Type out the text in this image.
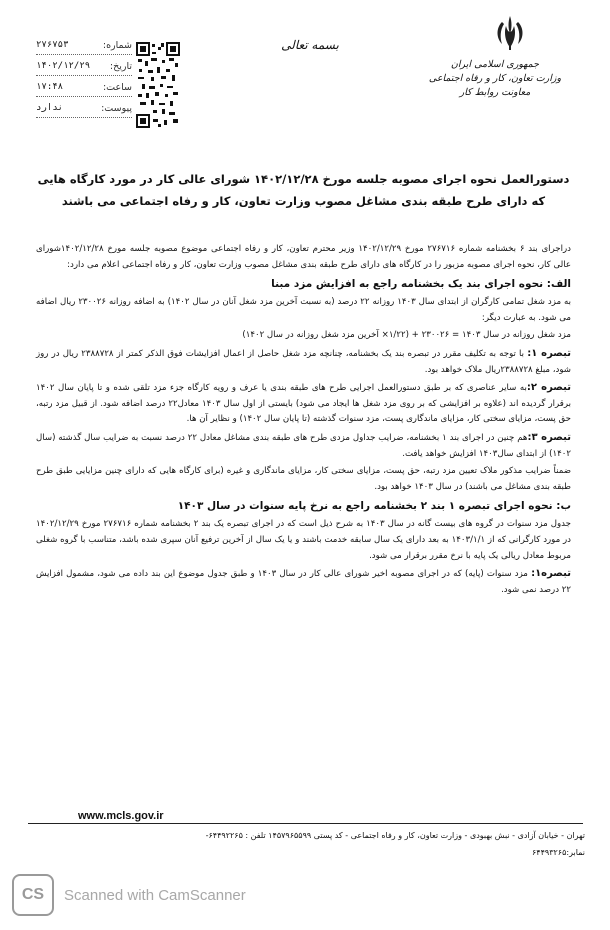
جمهوری اسلامی ایران
وزارت تعاون، کار و رفاه اجتماعی
معاونت روابط کار
بسمه تعالی
شماره:
۲۷۶۷۵۳
تاریخ:
۱۴۰۲/۱۲/۲۹
ساعت:
۱۷:۴۸
پیوست:
ندارد
دستورالعمل نحوه اجرای مصوبه جلسه مورخ ۱۴۰۲/۱۲/۲۸ شورای عالی کار در مورد کارگاه هایی که دارای طرح طبقه بندی مشاغل مصوب وزارت تعاون، کار و رفاه اجتماعی می باشند

دراجرای بند ۶ بخشنامه شماره ۲۷۶۷۱۶ مورخ ۱۴۰۲/۱۲/۲۹ وزیر محترم تعاون، کار و رفاه اجتماعی موضوع مصوبه جلسه مورخ ۱۴۰۲/۱۲/۲۸شورای عالی کار، نحوه اجرای مصوبه مزبور را در کارگاه های دارای طرح طبقه بندی مشاغل مصوب وزارت تعاون، کار و رفاه اجتماعی اعلام می دارد:

الف: نحوه اجرای بند یک بخشنامه راجع به افزایش مزد مبنا

به مزد شغل تمامی کارگران از ابتدای سال ۱۴۰۳ روزانه ۲۲ درصد (به نسبت آخرین مزد شغل آنان در سال ۱۴۰۲) به اضافه روزانه ۲۳۰۰۲۶ ریال اضافه می شود. به عبارت دیگر:

مزد شغل روزانه در سال ۱۴۰۳ = ۲۳۰۰۲۶ + (۱/۲۲× آخرین مزد شغل روزانه در سال ۱۴۰۲)

تبصره ۱: با توجه به تکلیف مقرر در تبصره بند یک بخشنامه، چنانچه مزد شغل حاصل از اعمال افزایشات فوق الذکر کمتر از ۲۳۸۸۷۲۸ ریال در روز شود، مبلغ ۲۳۸۸۷۲۸ریال ملاک خواهد بود.

تبصره ۲:به سایر عناصری که بر طبق دستورالعمل اجرایی طرح های طبقه بندی یا عرف و رویه کارگاه جزء مزد تلقی شده و تا پایان سال ۱۴۰۲ برقرار گردیده اند (علاوه بر افزایشی که بر روی مزد شغل ها ایجاد می شود) بایستی از اول سال ۱۴۰۳ معادل۲۲ درصد اضافه شود. از قبیل مزد رتبه، حق پست، مزایای سختی کار، مزایای ماندگاری پست، مزد سنوات گذشته (تا پایان سال ۱۴۰۲) و نظایر آن ها.

تبصره ۳:هم چنین در اجرای بند ۱ بخشنامه، ضرایب جداول مزدی طرح های طبقه بندی مشاغل معادل ۲۲ درصد نسبت به ضرایب سال گذشته (سال ۱۴۰۲) از ابتدای سال۱۴۰۳ افزایش خواهد یافت.

ضمناً ضرایب مذکور ملاک تعیین مزد رتبه، حق پست، مزایای سختی کار، مزایای ماندگاری و غیره (برای کارگاه هایی که دارای چنین مزایایی طبق طرح طبقه بندی مشاغل می باشند) در سال ۱۴۰۳ خواهد بود.

ب: نحوه اجرای تبصره ۱ بند ۲ بخشنامه راجع به نرخ پایه سنوات در سال ۱۴۰۳

جدول مزد سنوات در گروه های بیست گانه در سال ۱۴۰۳ به شرح ذیل است که در اجرای تبصره یک بند ۲ بخشنامه شماره ۲۷۶۷۱۶ مورخ ۱۴۰۲/۱۲/۲۹ در مورد کارگرانی که از ۱۴۰۳/۱/۱ به بعد دارای یک سال سابقه خدمت باشند و یا یک سال از آخرین ترفیع آنان سپری شده باشد، متناسب با گروه شغلی مربوط معادل ریالی یک پایه با نرخ مقرر برقرار می شود.

تبصره۱: مزد سنوات (پایه) که در اجرای مصوبه اخیر شورای عالی کار در سال ۱۴۰۳ و طبق جدول موضوع این بند داده می شود، مشمول افزایش ۲۲ درصد نمی شود.

www.mcls.gov.ir
تهران - خیابان آزادی - نبش بهبودی - وزارت تعاون، کار و رفاه اجتماعی - کد پستی ۱۴۵۷۹۶۵۵۹۹ تلفن : ۶۴۴۹۲۲۶۵-
نمابر:۶۴۴۹۳۲۶۵
CS	Scanned with CamScanner
